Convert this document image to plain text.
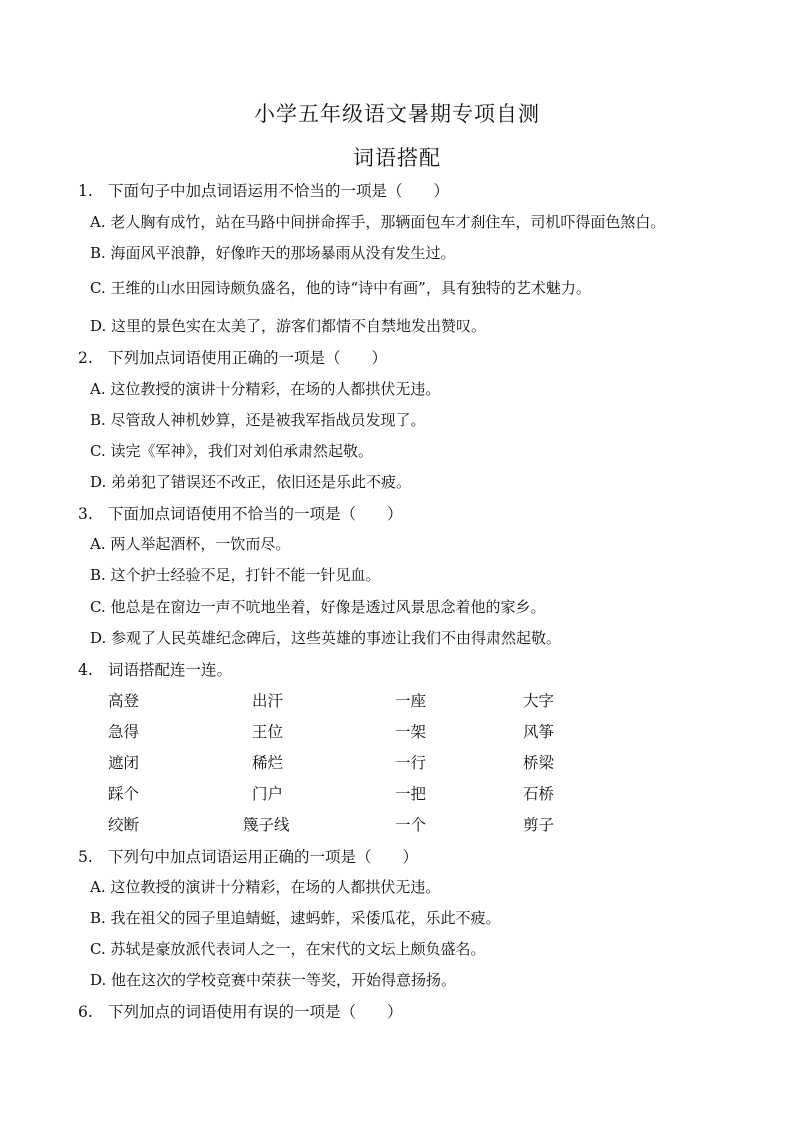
小学五年级语文暑期专项自测
词语搭配
1. 下面句子中加点词语运用不恰当的一项是（　　）
A. 老人胸有成竹，站在马路中间拼命挥手，那辆面包车才刹住车，司机吓得面色煞白。
B. 海面风平浪静，好像昨天的那场暴雨从没有发生过。
C. 王维的山水田园诗颇负盛名，他的诗“诗中有画”，具有独特的艺术魅力。
D. 这里的景色实在太美了，游客们都情不自禁地发出赞叹。
2. 下列加点词语使用正确的一项是（　　）
A. 这位教授的演讲十分精彩，在场的人都拱伏无违。
B. 尽管敌人神机妙算，还是被我军指战员发现了。
C. 读完《军神》，我们对刘伯承肃然起敬。
D. 弟弟犯了错误还不改正，依旧还是乐此不疲。
3. 下面加点词语使用不恰当的一项是（　　）
A. 两人举起酒杯，一饮而尽。
B. 这个护士经验不足，打针不能一针见血。
C. 他总是在窗边一声不吭地坐着，好像是透过风景思念着他的家乡。
D. 参观了人民英雄纪念碑后，这些英雄的事迹让我们不由得肃然起敬。
4. 词语搭配连一连。
高登
急得
遮闭
踩个
绞断
出汗
王位
稀烂
门户
篾子线
一座
一架
一行
一把
一个
大字
风筝
桥梁
石桥
剪子
5. 下列句中加点词语运用正确的一项是（　　）
A. 这位教授的演讲十分精彩，在场的人都拱伏无违。
B. 我在祖父的园子里追蜻蜓，逮蚂蚱，采倭瓜花，乐此不疲。
C. 苏轼是豪放派代表词人之一，在宋代的文坛上颇负盛名。
D. 他在这次的学校竞赛中荣获一等奖，开始得意扬扬。
6. 下列加点的词语使用有误的一项是（　　）
